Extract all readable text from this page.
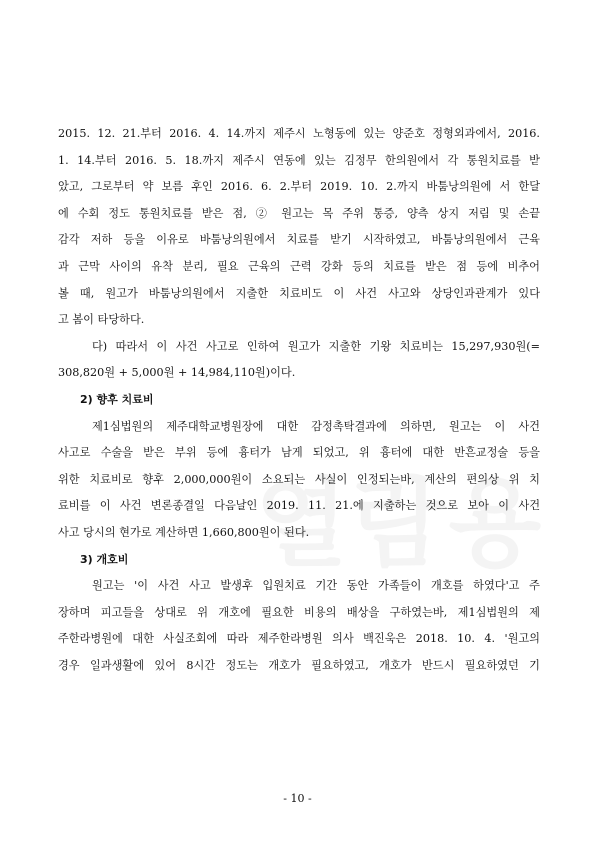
2015. 12. 21.부터 2016. 4. 14.까지 제주시 노형동에 있는 양준호 정형외과에서, 2016.
1. 14.부터 2016. 5. 18.까지 제주시 연동에 있는 김정무 한의원에서 각 통원치료를 받
았고, 그로부터 약 보름 후인 2016. 6. 2.부터 2019. 10. 2.까지 바툼낭의원에 서 한달
에 수회 정도 통원치료를 받은 점, ② 원고는 목 주위 통증, 양측 상지 저림 및 손끝
감각 저하 등을 이유로 바툼낭의원에서 치료를 받기 시작하였고, 바툼낭의원에서 근육
과 근막 사이의 유착 분리, 필요 근육의 근력 강화 등의 치료를 받은 점 등에 비추어
볼 때, 원고가 바툼낭의원에서 지출한 치료비도 이 사건 사고와 상당인과관계가 있다
고 봄이 타당하다.
다) 따라서 이 사건 사고로 인하여 원고가 지출한 기왕 치료비는 15,297,930원(=
308,820원 + 5,000원 + 14,984,110원)이다.
2) 향후 치료비
제1심법원의 제주대학교병원장에 대한 감정촉탁결과에 의하면, 원고는 이 사건
사고로 수술을 받은 부위 등에 흉터가 남게 되었고, 위 흉터에 대한 반흔교정술 등을
위한 치료비로 향후 2,000,000원이 소요되는 사실이 인정되는바, 계산의 편의상 위 치
료비를 이 사건 변론종결일 다음날인 2019. 11. 21.에 지출하는 것으로 보아 이 사건
사고 당시의 현가로 계산하면 1,660,800원이 된다.
3) 개호비
원고는 '이 사건 사고 발생후 입원치료 기간 동안 가족들이 개호를 하였다'고 주
장하며 피고들을 상대로 위 개호에 필요한 비용의 배상을 구하였는바, 제1심법원의 제
주한라병원에 대한 사실조회에 따라 제주한라병원 의사 백진욱은 2018. 10. 4. '원고의
경우 일과생활에 있어 8시간 정도는 개호가 필요하였고, 개호가 반드시 필요하였던 기
- 10 -
